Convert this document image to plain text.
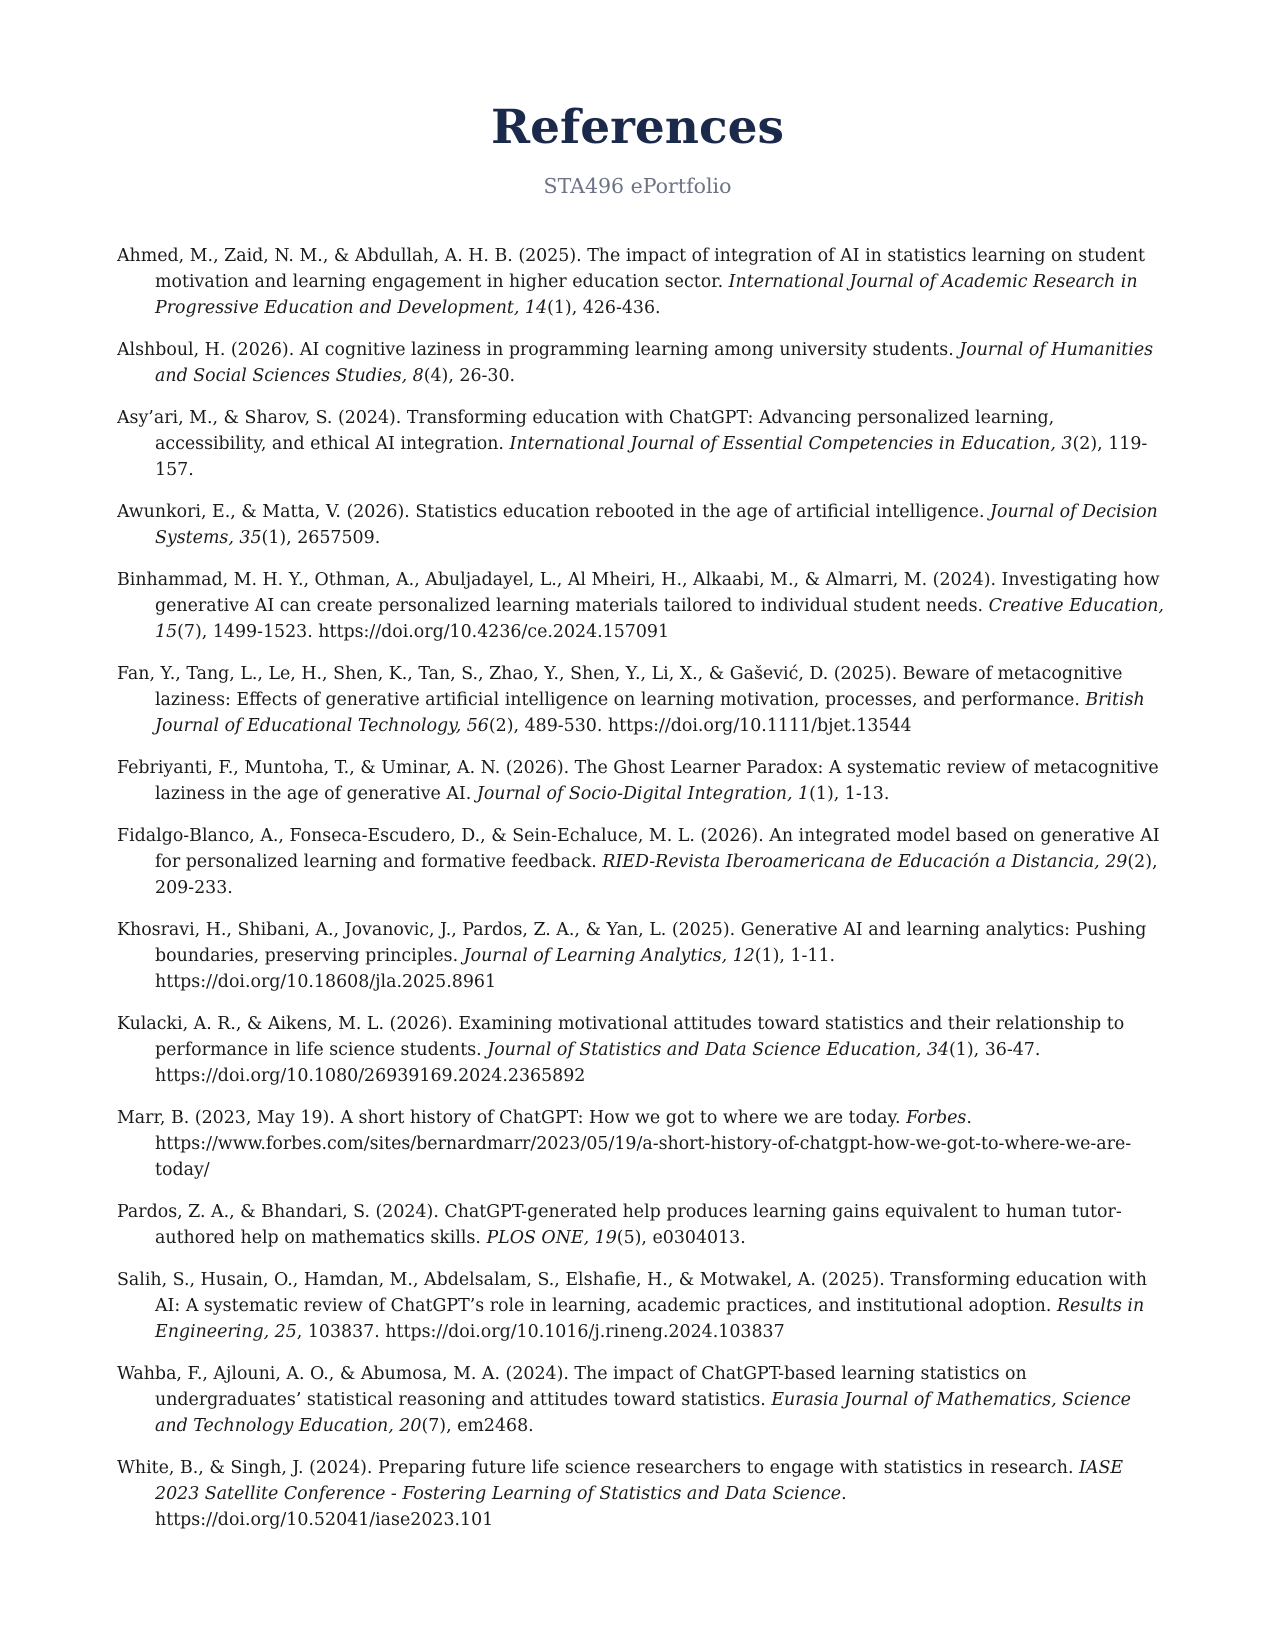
References

STA496 ePortfolio

Ahmed, M., Zaid, N. M., & Abdullah, A. H. B. (2025). The impact of integration of AI in statistics learning on student motivation and learning engagement in higher education sector. International Journal of Academic Research in Progressive Education and Development, 14(1), 426-436.
Alshboul, H. (2026). AI cognitive laziness in programming learning among university students. Journal of Humanities and Social Sciences Studies, 8(4), 26-30.
Asy’ari, M., & Sharov, S. (2024). Transforming education with ChatGPT: Advancing personalized learning, accessibility, and ethical AI integration. International Journal of Essential Competencies in Education, 3(2), 119-157.
Awunkori, E., & Matta, V. (2026). Statistics education rebooted in the age of artificial intelligence. Journal of Decision Systems, 35(1), 2657509.
Binhammad, M. H. Y., Othman, A., Abuljadayel, L., Al Mheiri, H., Alkaabi, M., & Almarri, M. (2024). Investigating how generative AI can create personalized learning materials tailored to individual student needs. Creative Education, 15(7), 1499-1523. https://doi.org/10.4236/ce.2024.157091
Fan, Y., Tang, L., Le, H., Shen, K., Tan, S., Zhao, Y., Shen, Y., Li, X., & Gašević, D. (2025). Beware of metacognitive laziness: Effects of generative artificial intelligence on learning motivation, processes, and performance. British Journal of Educational Technology, 56(2), 489-530. https://doi.org/10.1111/bjet.13544
Febriyanti, F., Muntoha, T., & Uminar, A. N. (2026). The Ghost Learner Paradox: A systematic review of metacognitive laziness in the age of generative AI. Journal of Socio-Digital Integration, 1(1), 1-13.
Fidalgo-Blanco, A., Fonseca-Escudero, D., & Sein-Echaluce, M. L. (2026). An integrated model based on generative AI for personalized learning and formative feedback. RIED-Revista Iberoamericana de Educación a Distancia, 29(2), 209-233.
Khosravi, H., Shibani, A., Jovanovic, J., Pardos, Z. A., & Yan, L. (2025). Generative AI and learning analytics: Pushing boundaries, preserving principles. Journal of Learning Analytics, 12(1), 1-11. https://doi.org/10.18608/jla.2025.8961
Kulacki, A. R., & Aikens, M. L. (2026). Examining motivational attitudes toward statistics and their relationship to performance in life science students. Journal of Statistics and Data Science Education, 34(1), 36-47. https://doi.org/10.1080/26939169.2024.2365892
Marr, B. (2023, May 19). A short history of ChatGPT: How we got to where we are today. Forbes. https://www.forbes.com/sites/bernardmarr/2023/05/19/a-short-history-of-chatgpt-how-we-got-to-where-we-are-today/
Pardos, Z. A., & Bhandari, S. (2024). ChatGPT-generated help produces learning gains equivalent to human tutor-authored help on mathematics skills. PLOS ONE, 19(5), e0304013.
Salih, S., Husain, O., Hamdan, M., Abdelsalam, S., Elshafie, H., & Motwakel, A. (2025). Transforming education with AI: A systematic review of ChatGPT’s role in learning, academic practices, and institutional adoption. Results in Engineering, 25, 103837. https://doi.org/10.1016/j.rineng.2024.103837
Wahba, F., Ajlouni, A. O., & Abumosa, M. A. (2024). The impact of ChatGPT-based learning statistics on undergraduates’ statistical reasoning and attitudes toward statistics. Eurasia Journal of Mathematics, Science and Technology Education, 20(7), em2468.
White, B., & Singh, J. (2024). Preparing future life science researchers to engage with statistics in research. IASE 2023 Satellite Conference - Fostering Learning of Statistics and Data Science. https://doi.org/10.52041/iase2023.101
